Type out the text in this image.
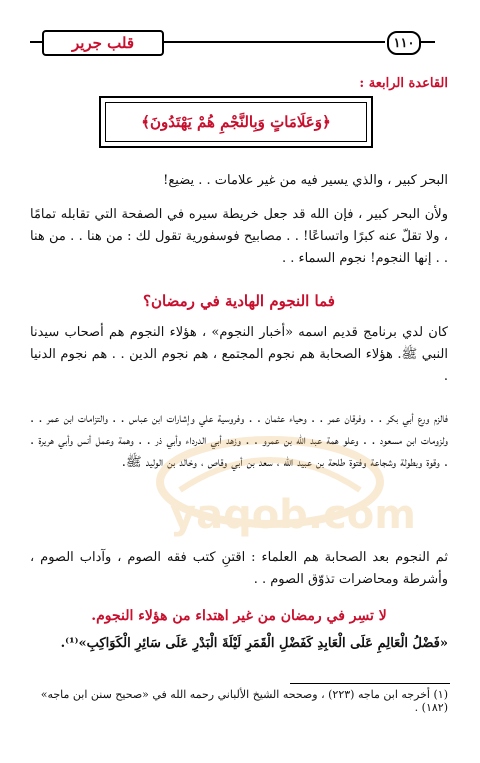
قلب جرير	١١٠
القاعدة الرابعة :
﴿وَعَلَامَاتٍ وَبِالنَّجْمِ هُمْ يَهْتَدُونَ﴾
البحر كبير ، والذي يسير فيه من غير علامات . . يضيع!
ولأن البحر كبير ، فإن الله قد جعل خريطة سيره في الصفحة التي تقابله تمامًا ، ولا تقلّ عنه كبرًا واتساعًا! . . مصابيح فوسفورية تقول لك : من هنا . . من هنا . . إنها النجوم! نجوم السماء . .
فما النجوم الهادية في رمضان؟
كان لدي برنامج قديم اسمه «أخبار النجوم» ، هؤلاء النجوم هم أصحاب سيدنا النبي ﷺ. هؤلاء الصحابة هم نجوم المجتمع ، هم نجوم الدين . . هم نجوم الدنيا .
فالزم ورع أبي بكر . . وفرقان عمر . . وحياء عثمان . . وفروسية علي وإشارات ابن عباس . . والتزامات ابن عمر . . ولزومات ابن مسعود . . وعلو همة عبد الله بن عمرو . . وزهد أبي الدرداء وأبي ذر . . وهمة وعمل أنس وأبي هريرة . . وقوة وبطولة وشجاعة وفتوة طلحة بن عبيد الله ، سعد بن أبي وقاص ، وخالد بن الوليد ﷺ.
ثم النجوم بعد الصحابة هم العلماء : اقتنِ كتب فقه الصوم ، وآداب الصوم ، وأشرطة ومحاضرات تذوّق الصوم . .
لا تسِر في رمضان من غير اهتداء من هؤلاء النجوم.
«فَضْلُ الْعَالِمِ عَلَى الْعَابِدِ كَفَضْلِ الْقَمَرِ لَيْلَةَ الْبَدْرِ عَلَى سَائِرِ الْكَوَاكِبِ»⁽¹⁾.
(١) أخرجه ابن ماجه (٢٢٣) ، وصححه الشيخ الألباني رحمه الله في «صحيح سنن ابن ماجه» (١٨٢) .
yaqob.com
